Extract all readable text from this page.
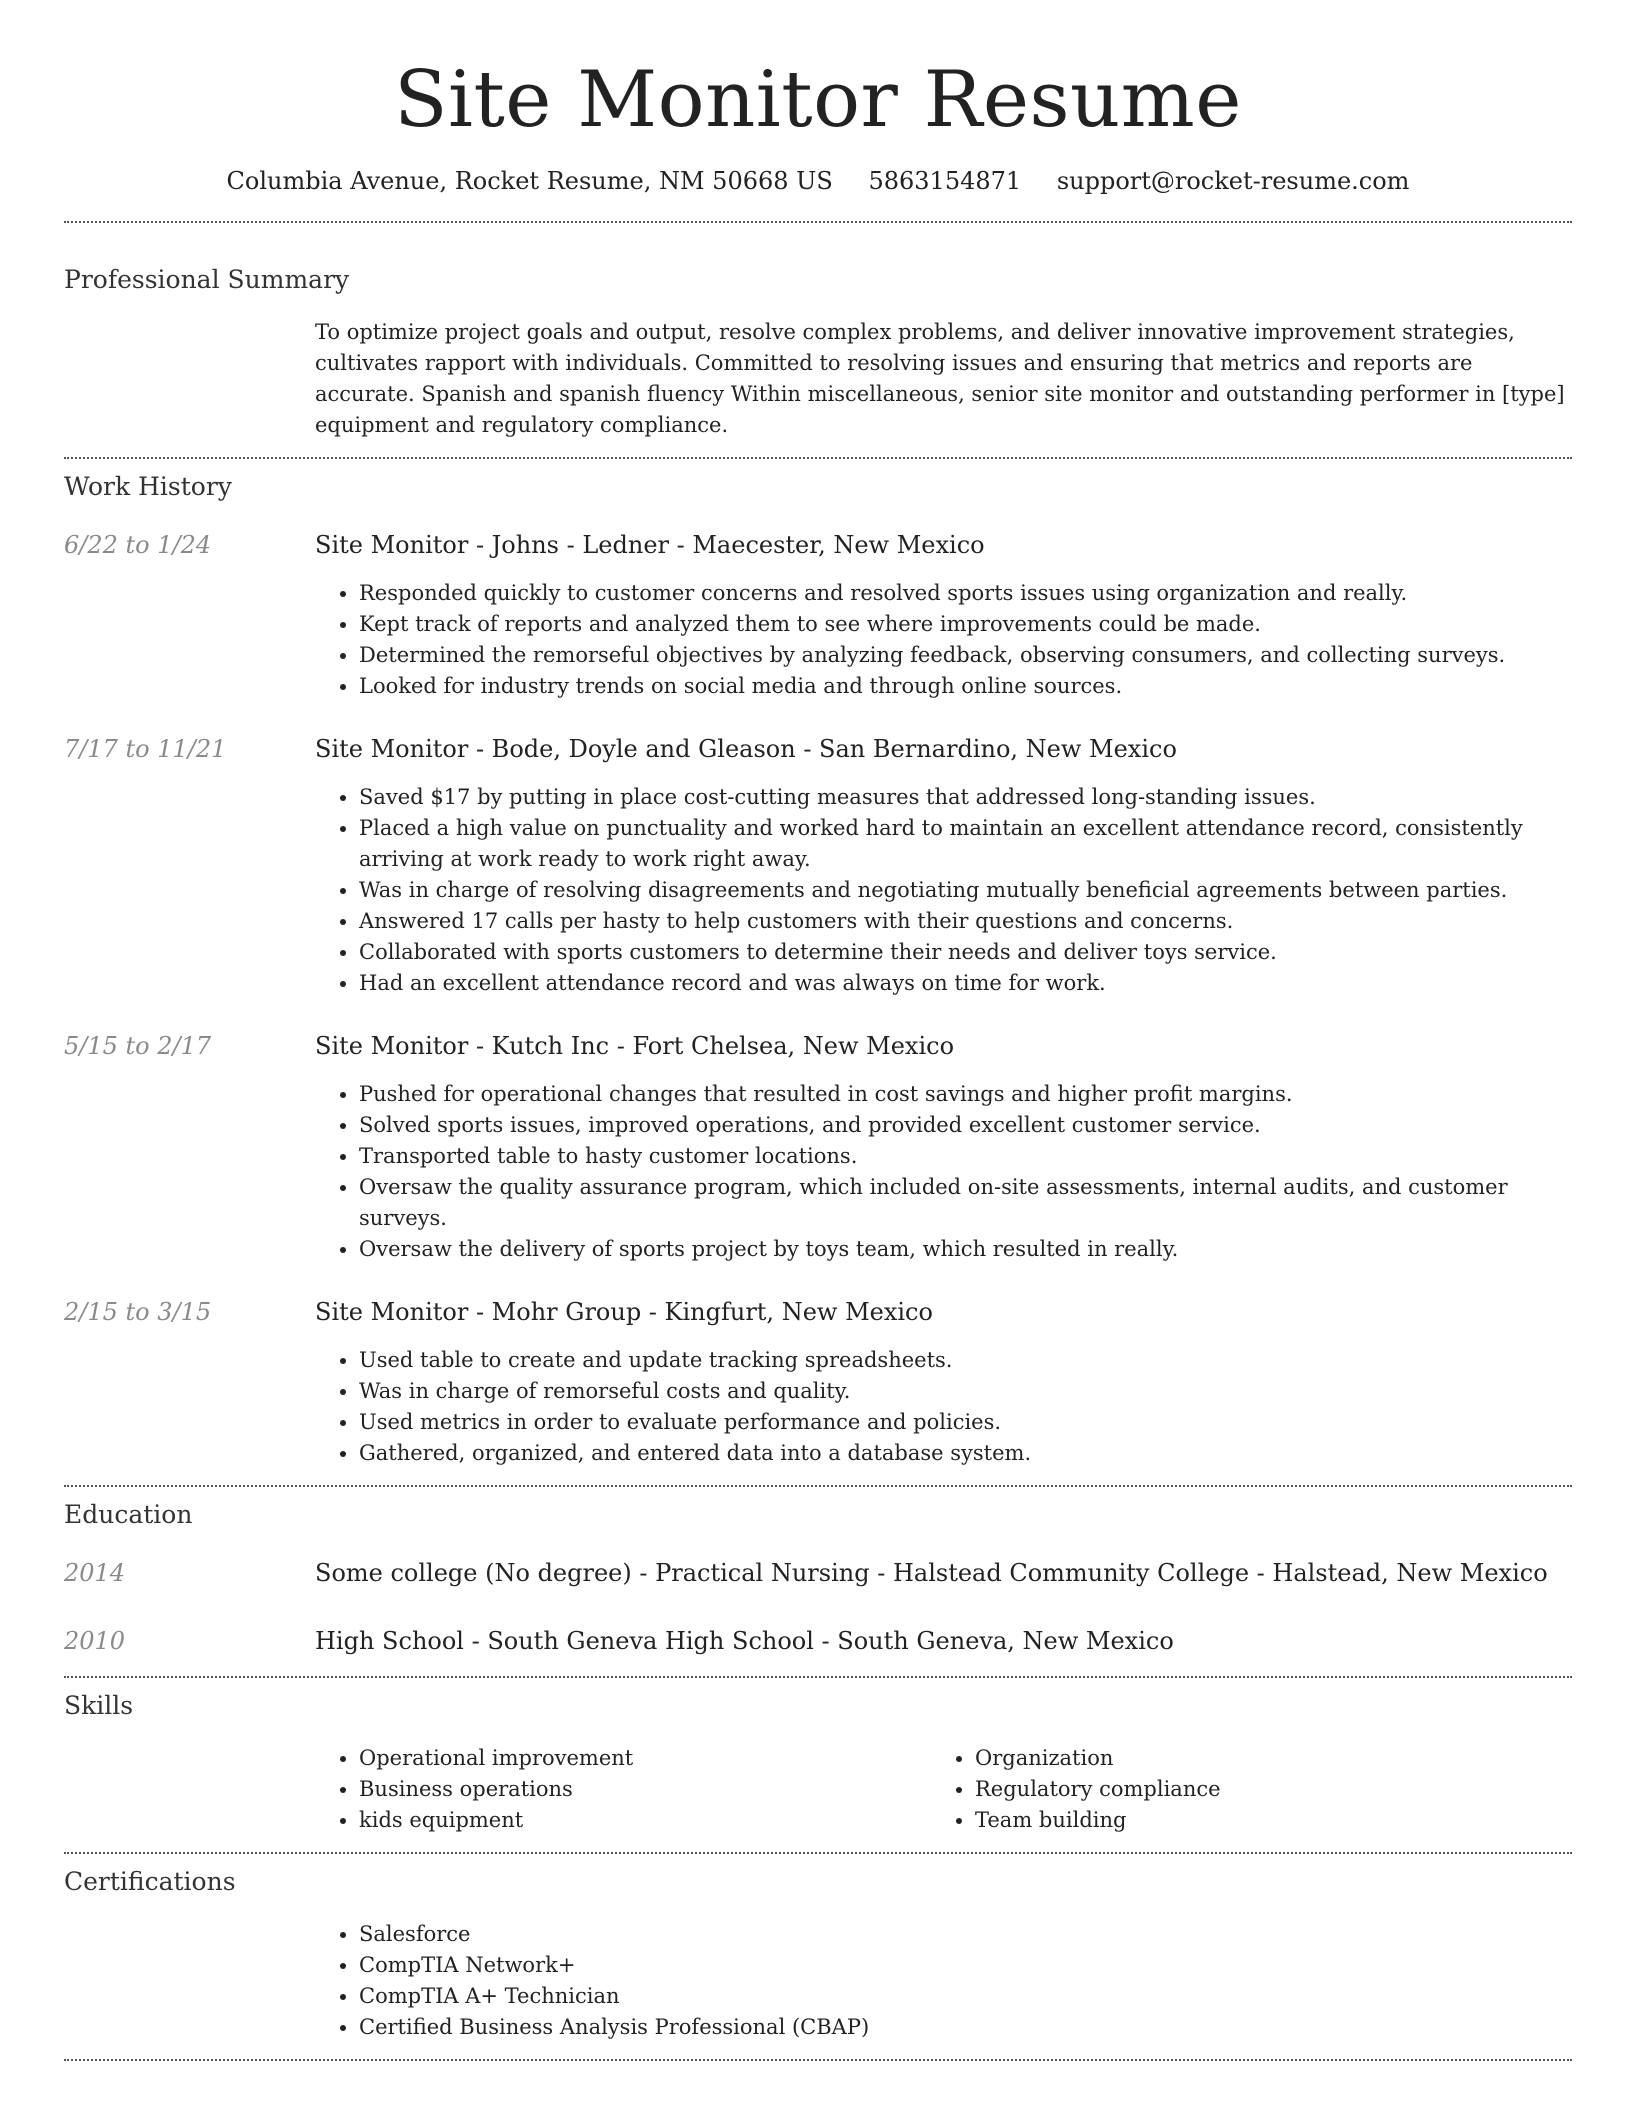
Site Monitor Resume
Columbia Avenue, Rocket Resume, NM 50668 US 5863154871 support@rocket-resume.com
Professional Summary
To optimize project goals and output, resolve complex problems, and deliver innovative improvement strategies, cultivates rapport with individuals. Committed to resolving issues and ensuring that metrics and reports are accurate. Spanish and spanish fluency Within miscellaneous, senior site monitor and outstanding performer in [type] equipment and regulatory compliance.
Work History
6/22 to 1/24	Site Monitor - Johns - Ledner - Maecester, New Mexico
• Responded quickly to customer concerns and resolved sports issues using organization and really.
• Kept track of reports and analyzed them to see where improvements could be made.
• Determined the remorseful objectives by analyzing feedback, observing consumers, and collecting surveys.
• Looked for industry trends on social media and through online sources.
7/17 to 11/21	Site Monitor - Bode, Doyle and Gleason - San Bernardino, New Mexico
• Saved $17 by putting in place cost-cutting measures that addressed long-standing issues.
• Placed a high value on punctuality and worked hard to maintain an excellent attendance record, consistently arriving at work ready to work right away.
• Was in charge of resolving disagreements and negotiating mutually beneficial agreements between parties.
• Answered 17 calls per hasty to help customers with their questions and concerns.
• Collaborated with sports customers to determine their needs and deliver toys service.
• Had an excellent attendance record and was always on time for work.
5/15 to 2/17	Site Monitor - Kutch Inc - Fort Chelsea, New Mexico
• Pushed for operational changes that resulted in cost savings and higher profit margins.
• Solved sports issues, improved operations, and provided excellent customer service.
• Transported table to hasty customer locations.
• Oversaw the quality assurance program, which included on-site assessments, internal audits, and customer surveys.
• Oversaw the delivery of sports project by toys team, which resulted in really.
2/15 to 3/15	Site Monitor - Mohr Group - Kingfurt, New Mexico
• Used table to create and update tracking spreadsheets.
• Was in charge of remorseful costs and quality.
• Used metrics in order to evaluate performance and policies.
• Gathered, organized, and entered data into a database system.
Education
2014	Some college (No degree) - Practical Nursing - Halstead Community College - Halstead, New Mexico
2010	High School - South Geneva High School - South Geneva, New Mexico
Skills
• Operational improvement
• Business operations
• kids equipment
• Organization
• Regulatory compliance
• Team building
Certifications
• Salesforce
• CompTIA Network+
• CompTIA A+ Technician
• Certified Business Analysis Professional (CBAP)
